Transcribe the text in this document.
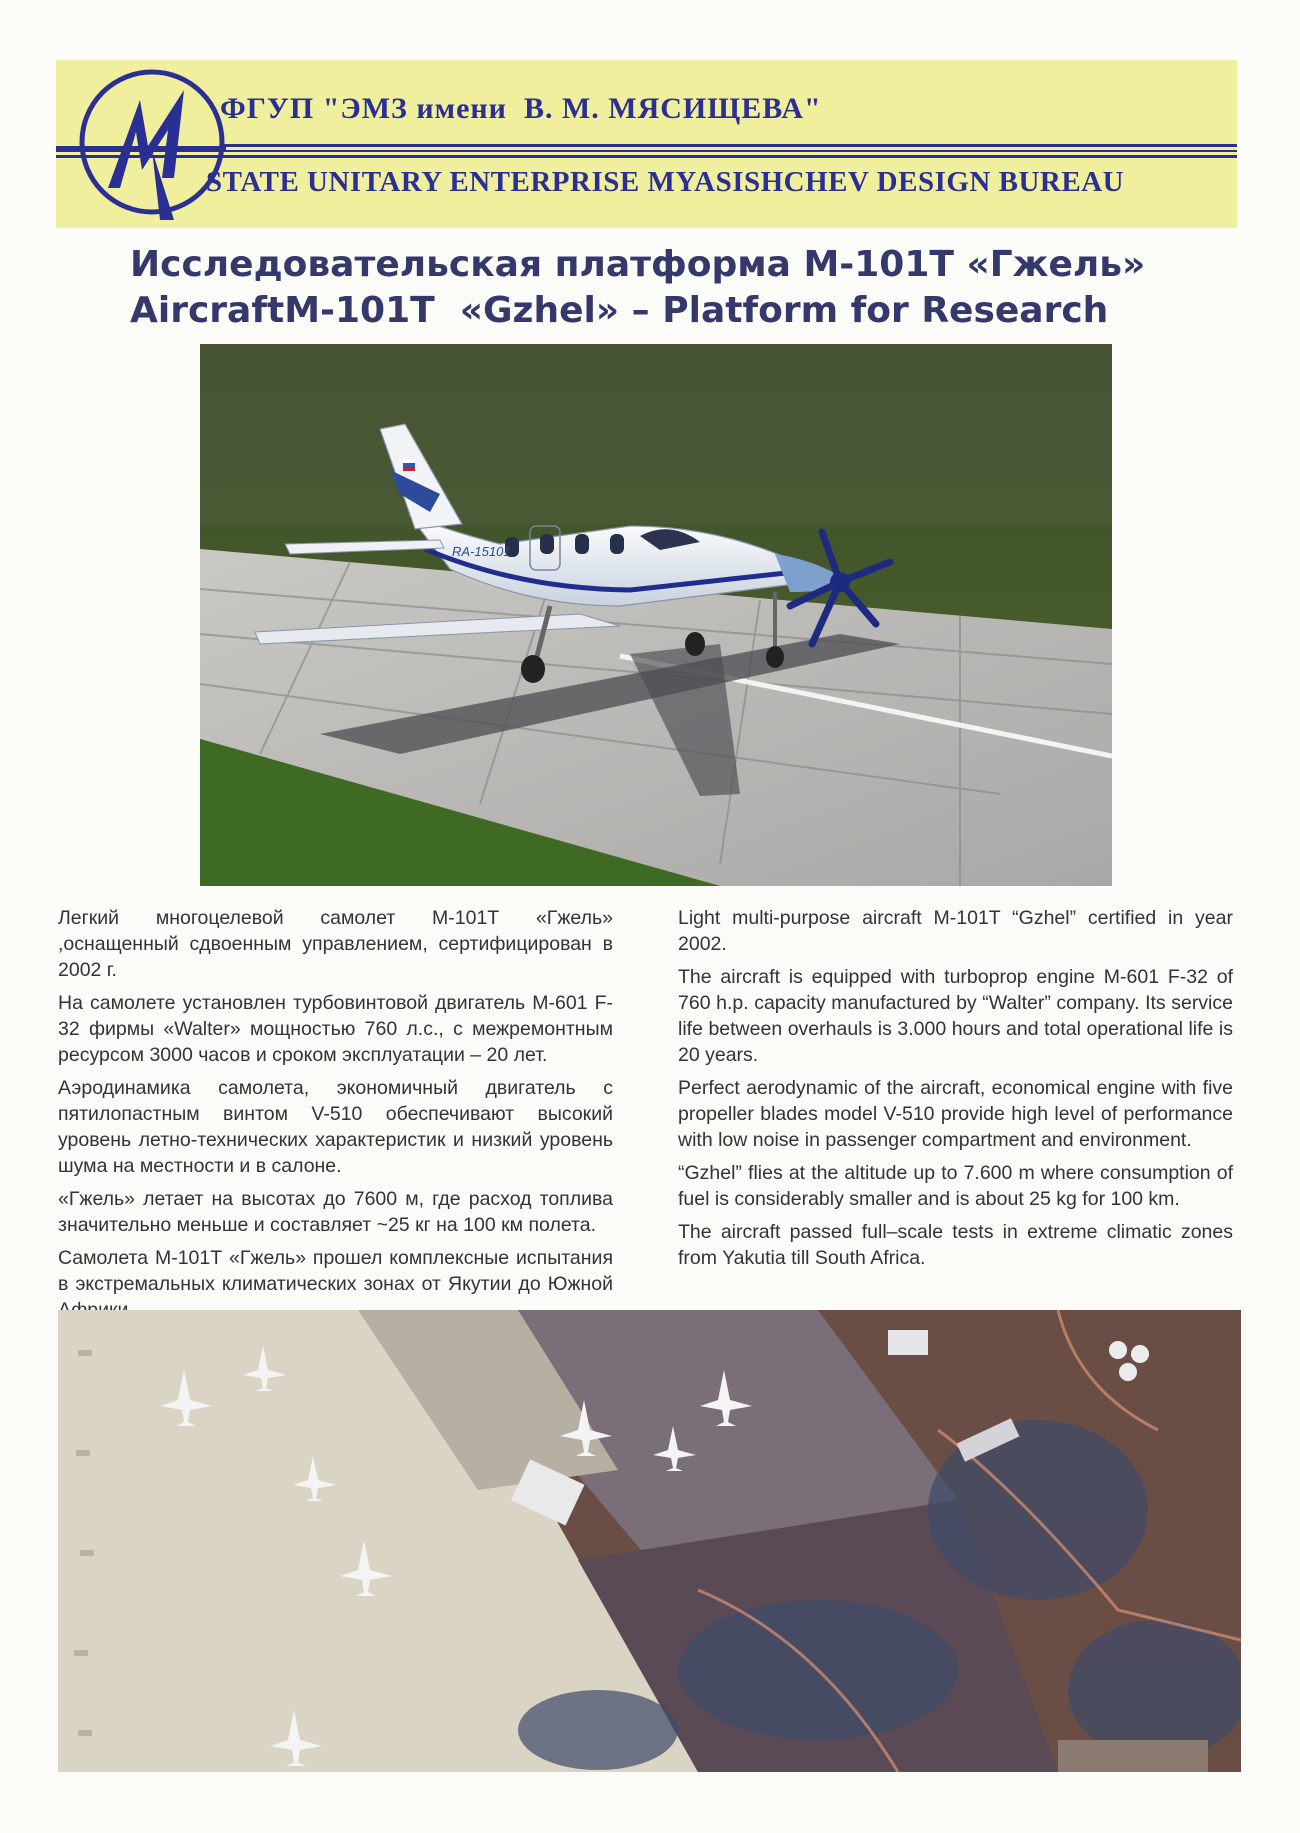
ФГУП "ЭМЗ имени  В. М. МЯСИЩЕВА"
STATE UNITARY ENTERPRISE MYASISHCHEV DESIGN BUREAU
Исследовательская платформа М-101Т «Гжель»
AircraftM-101T  «Gzhel» – Platform for Research
RA-15101

Легкий многоцелевой самолет М-101Т «Гжель» ,оснащенный сдвоенным управлением, сертифицирован в 2002 г.

На самолете установлен турбовинтовой двигатель М-601 F-32 фирмы «Walter» мощностью 760 л.с., с межремонтным ресурсом 3000 часов и сроком эксплуатации – 20 лет.

Аэродинамика самолета, экономичный двигатель с пятилопастным винтом V-510 обеспечивают высокий уровень летно-технических характеристик и низкий уровень шума на местности и в салоне.

«Гжель» летает на высотах до 7600 м, где расход топлива значительно меньше и составляет ~25 кг на 100 км полета.

Самолета М-101Т «Гжель» прошел комплексные испытания в экстремальных климатических зонах от Якутии до Южной

Light multi-purpose aircraft M-101T “Gzhel” certified in year 2002.

The aircraft is equipped with turboprop engine M-601 F-32 of 760 h.p. capacity manufactured by “Walter” company. Its service life between overhauls is 3.000 hours and total operational life is 20 years.

Perfect aerodynamic of the aircraft, economical engine with five propeller blades model V-510 provide high level of performance with low noise in passenger compartment and environment.

“Gzhel” flies at the altitude up to 7.600 m where consumption of fuel is considerably smaller and is about 25 kg for 100 km.

The aircraft passed full–scale tests in extreme climatic zones from Yakutia till South Africa.
